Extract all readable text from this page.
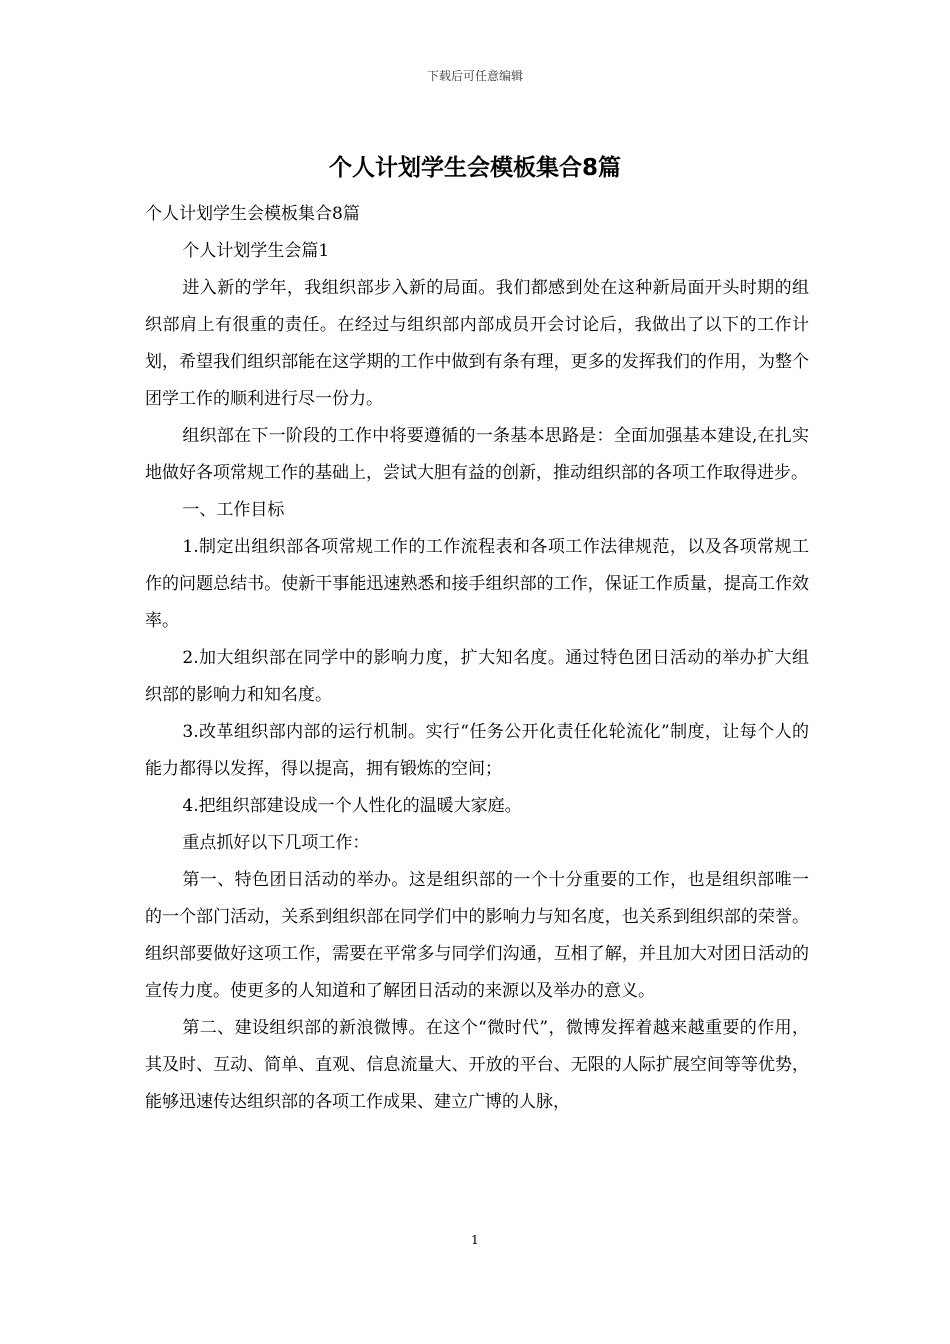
下载后可任意编辑
个人计划学生会模板集合8篇

个人计划学生会模板集合8篇

个人计划学生会篇1

进入新的学年，我组织部步入新的局面。我们都感到处在这种新局面开头时期的组织部肩上有很重的责任。在经过与组织部内部成员开会讨论后，我做出了以下的工作计划，希望我们组织部能在这学期的工作中做到有条有理，更多的发挥我们的作用，为整个团学工作的顺利进行尽一份力。

组织部在下一阶段的工作中将要遵循的一条基本思路是：全面加强基本建设,在扎实地做好各项常规工作的基础上，尝试大胆有益的创新，推动组织部的各项工作取得进步。

一、工作目标

1.制定出组织部各项常规工作的工作流程表和各项工作法律规范，以及各项常规工作的问题总结书。使新干事能迅速熟悉和接手组织部的工作，保证工作质量，提高工作效率。

2.加大组织部在同学中的影响力度，扩大知名度。通过特色团日活动的举办扩大组织部的影响力和知名度。

3.改革组织部内部的运行机制。实行“任务公开化责任化轮流化”制度，让每个人的能力都得以发挥，得以提高，拥有锻炼的空间；

4.把组织部建设成一个人性化的温暖大家庭。

重点抓好以下几项工作：

第一、特色团日活动的举办。这是组织部的一个十分重要的工作，也是组织部唯一的一个部门活动，关系到组织部在同学们中的影响力与知名度，也关系到组织部的荣誉。组织部要做好这项工作，需要在平常多与同学们沟通，互相了解，并且加大对团日活动的宣传力度。使更多的人知道和了解团日活动的来源以及举办的意义。

第二、建设组织部的新浪微博。在这个“微时代”，微博发挥着越来越重要的作用，其及时、互动、简单、直观、信息流量大、开放的平台、无限的人际扩展空间等等优势，能够迅速传达组织部的各项工作成果、建立广博的人脉，

1
